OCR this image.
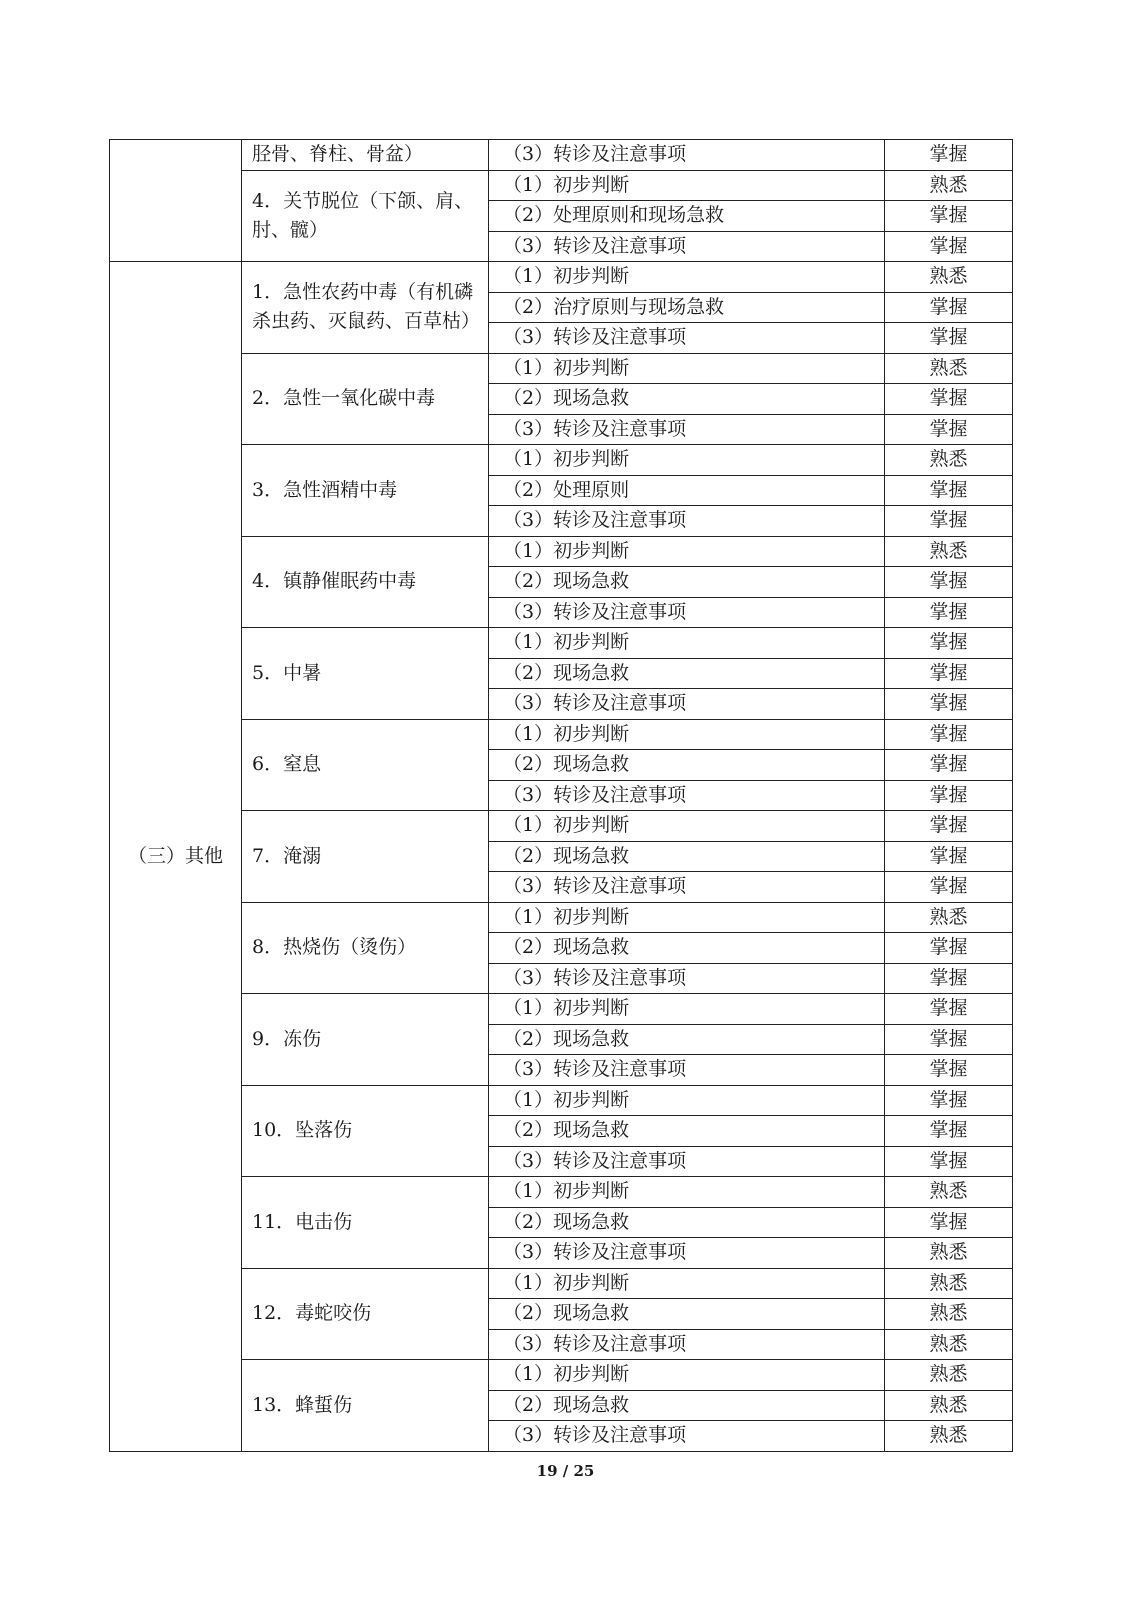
	胫骨、脊柱、骨盆）	（3）转诊及注意事项	掌握
	4．关节脱位（下颌、肩、肘、髋）	（1）初步判断	熟悉
		（2）处理原则和现场急救	掌握
		（3）转诊及注意事项	掌握
（三）其他	1．急性农药中毒（有机磷杀虫药、灭鼠药、百草枯）	（1）初步判断	熟悉
		（2）治疗原则与现场急救	掌握
		（3）转诊及注意事项	掌握
	2．急性一氧化碳中毒	（1）初步判断	熟悉
		（2）现场急救	掌握
		（3）转诊及注意事项	掌握
	3．急性酒精中毒	（1）初步判断	熟悉
		（2）处理原则	掌握
		（3）转诊及注意事项	掌握
	4．镇静催眠药中毒	（1）初步判断	熟悉
		（2）现场急救	掌握
		（3）转诊及注意事项	掌握
	5．中暑	（1）初步判断	掌握
		（2）现场急救	掌握
		（3）转诊及注意事项	掌握
	6．窒息	（1）初步判断	掌握
		（2）现场急救	掌握
		（3）转诊及注意事项	掌握
	7．淹溺	（1）初步判断	掌握
		（2）现场急救	掌握
		（3）转诊及注意事项	掌握
	8．热烧伤（烫伤）	（1）初步判断	熟悉
		（2）现场急救	掌握
		（3）转诊及注意事项	掌握
	9．冻伤	（1）初步判断	掌握
		（2）现场急救	掌握
		（3）转诊及注意事项	掌握
	10．坠落伤	（1）初步判断	掌握
		（2）现场急救	掌握
		（3）转诊及注意事项	掌握
	11．电击伤	（1）初步判断	熟悉
		（2）现场急救	掌握
		（3）转诊及注意事项	熟悉
	12．毒蛇咬伤	（1）初步判断	熟悉
		（2）现场急救	熟悉
		（3）转诊及注意事项	熟悉
	13．蜂蜇伤	（1）初步判断	熟悉
		（2）现场急救	熟悉
		（3）转诊及注意事项	熟悉
19 / 25
